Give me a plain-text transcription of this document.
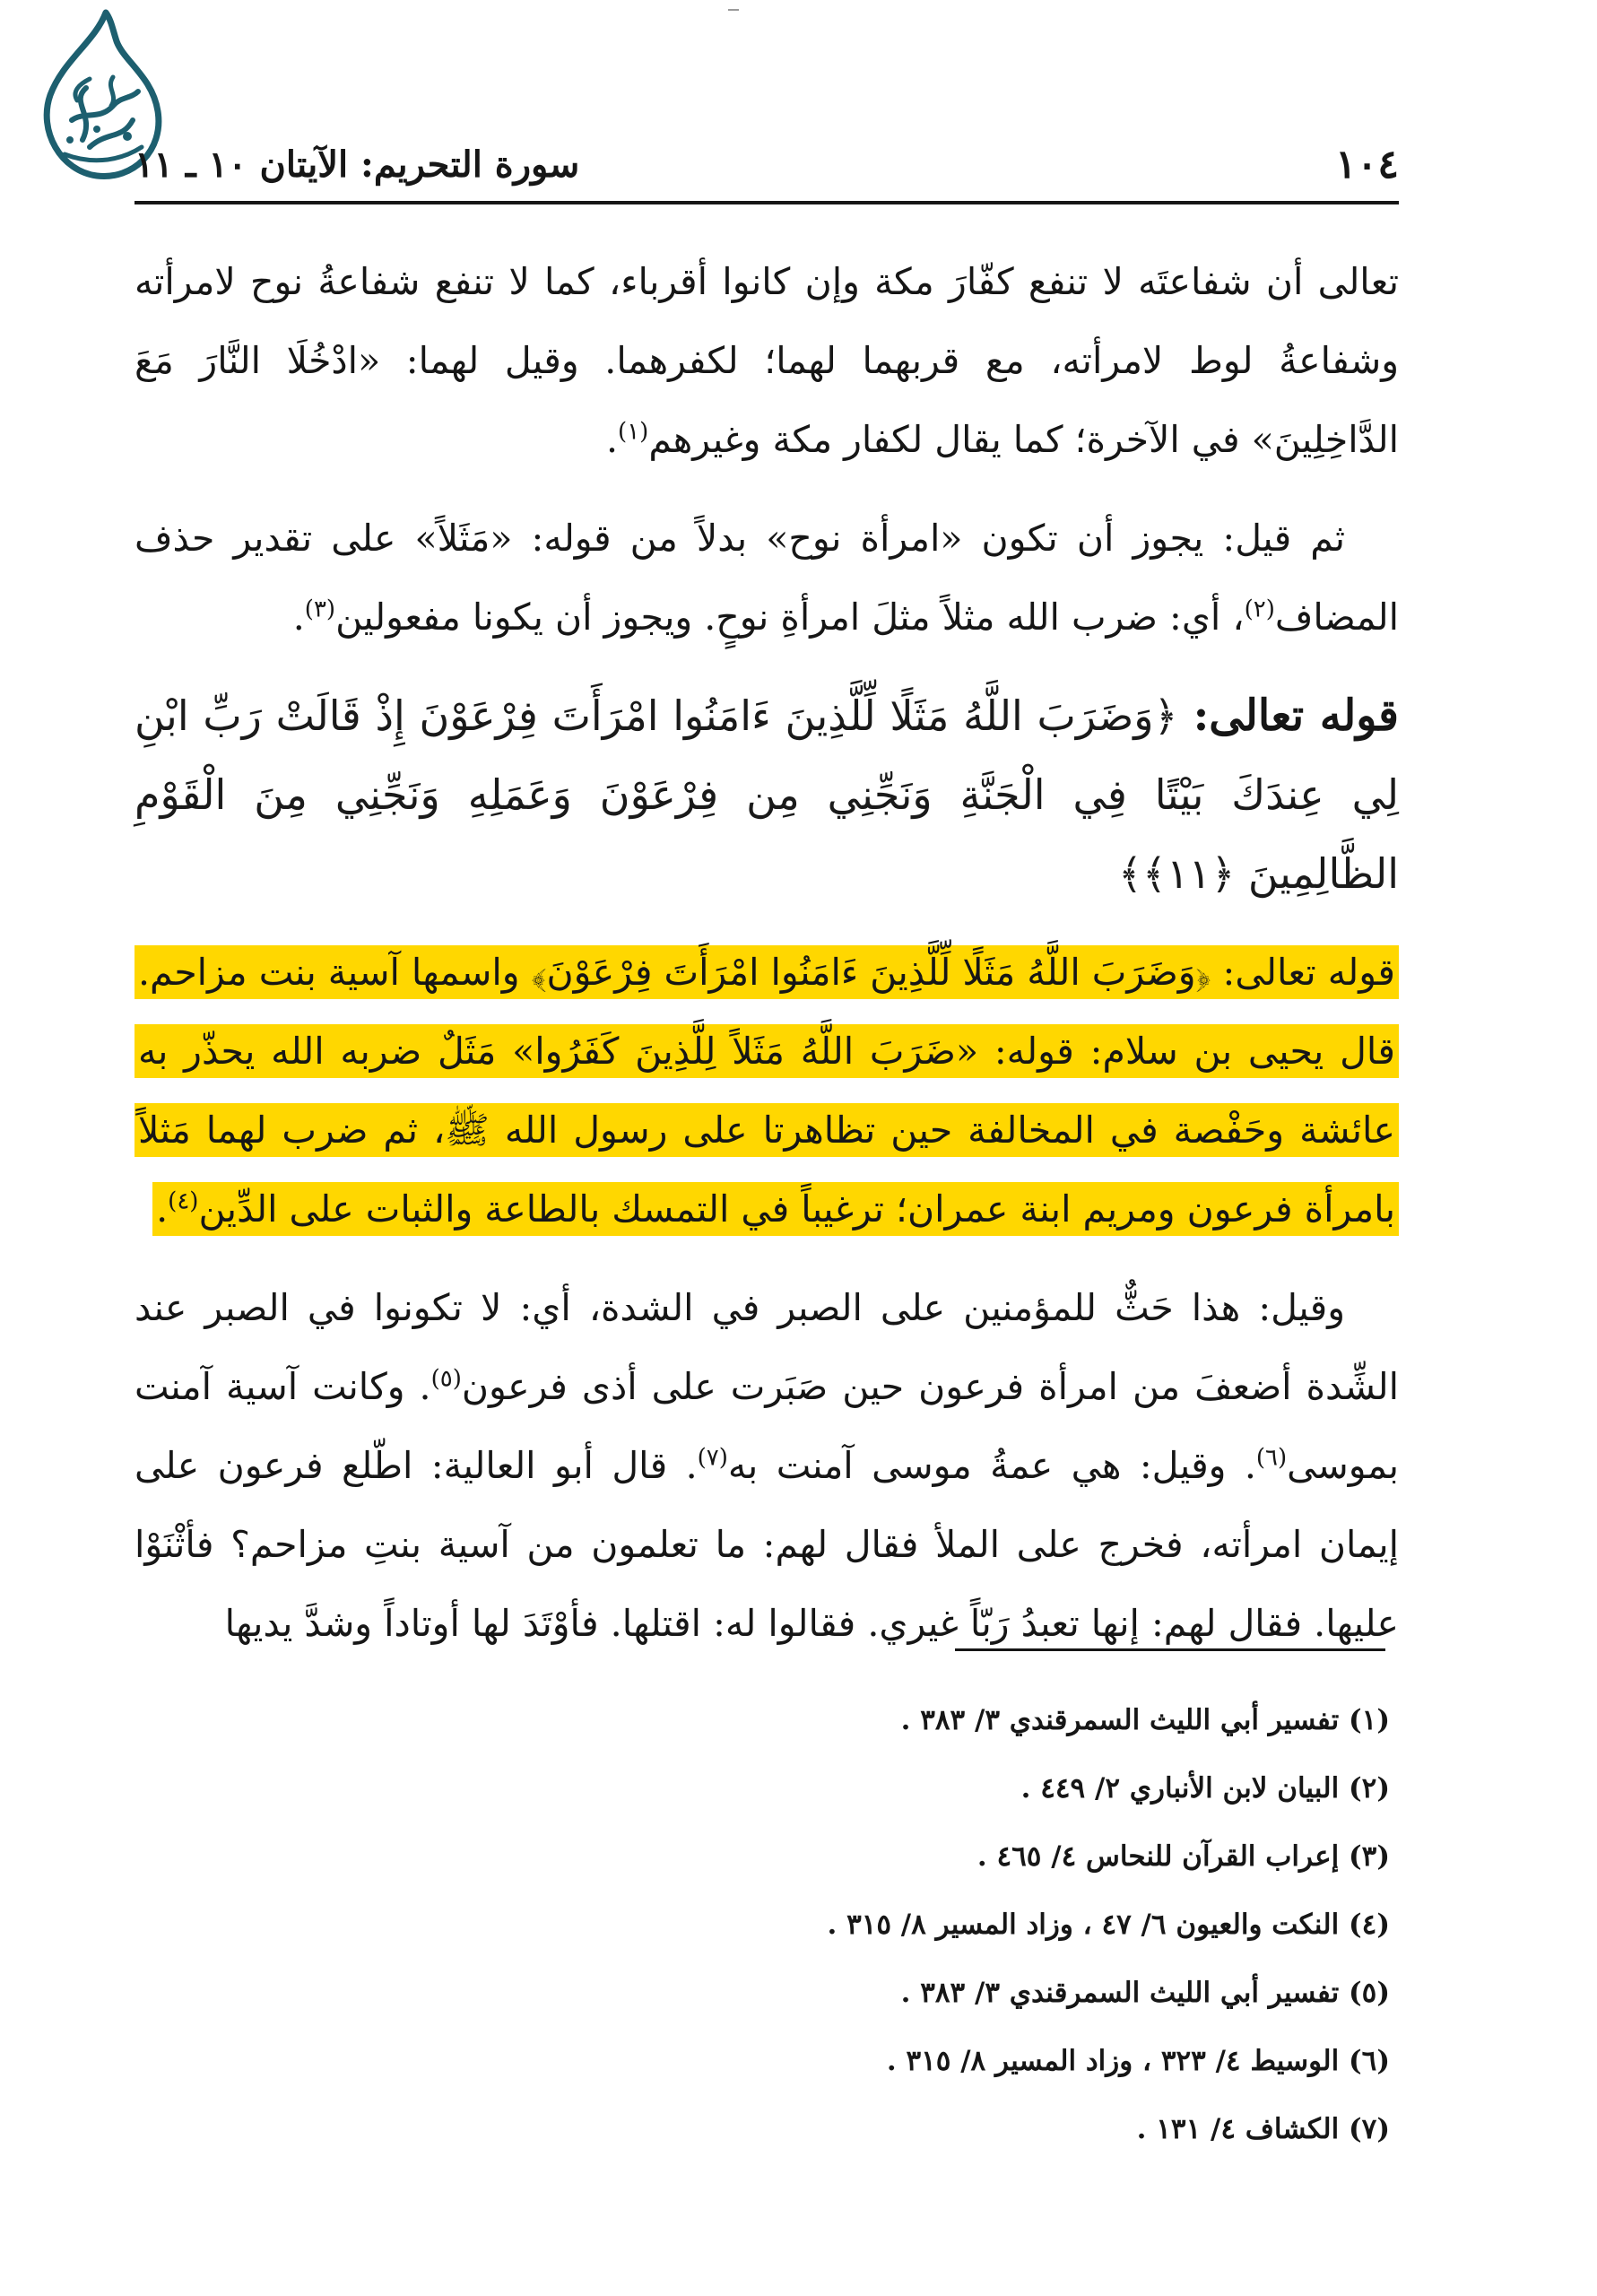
١٠٤
سورة التحريم: الآيتان ١٠ ـ ١١

تعالى أن شفاعتَه لا تنفع كفّارَ مكة وإن كانوا أقرباء، كما لا تنفع شفاعةُ نوح لامرأته وشفاعةُ لوط لامرأته، مع قربهما لهما؛ لكفرهما. وقيل لهما: «ادْخُلَا النَّارَ مَعَ الدَّاخِلِينَ» في الآخرة؛ كما يقال لكفار مكة وغيرهم$^{(١)}$.

ثم قيل: يجوز أن تكون «امرأة نوح» بدلاً من قوله: «مَثَلاً» على تقدير حذف المضاف$^{(٢)}$، أي: ضرب الله مثلاً مثلَ امرأةِ نوحٍ. ويجوز أن يكونا مفعولين$^{(٣)}$.

قوله تعالى: ﴿وَضَرَبَ اللَّهُ مَثَلًا لِّلَّذِينَ ءَامَنُوا امْرَأَتَ فِرْعَوْنَ إِذْ قَالَتْ رَبِّ ابْنِ لِي عِندَكَ بَيْتًا فِي الْجَنَّةِ وَنَجِّنِي مِن فِرْعَوْنَ وَعَمَلِهِ وَنَجِّنِي مِنَ الْقَوْمِ الظَّالِمِينَ ﴿١١﴾﴾

قوله تعالى: ﴿وَضَرَبَ اللَّهُ مَثَلًا لِّلَّذِينَ ءَامَنُوا امْرَأَتَ فِرْعَوْنَ﴾ واسمها آسية بنت مزاحم. قال يحيى بن سلام: قوله: «ضَرَبَ اللَّهُ مَثَلاً لِلَّذِينَ كَفَرُوا» مَثَلٌ ضربه الله يحذّر به عائشة وحَفْصة في المخالفة حين تظاهرتا على رسول الله ﷺ، ثم ضرب لهما مَثلاً بامرأة فرعون ومريم ابنة عمران؛ ترغيباً في التمسك بالطاعة والثبات على الدِّين$^{(٤)}$.

وقيل: هذا حَثٌّ للمؤمنين على الصبر في الشدة، أي: لا تكونوا في الصبر عند الشِّدة أضعفَ من امرأة فرعون حين صَبَرت على أذى فرعون$^{(٥)}$. وكانت آسية آمنت بموسى$^{(٦)}$. وقيل: هي عمةُ موسى آمنت به$^{(٧)}$. قال أبو العالية: اطّلع فرعون على إيمان امرأته، فخرج على الملأ فقال لهم: ما تعلمون من آسية بنتِ مزاحم؟ فأثْنَوْا عليها. فقال لهم: إنها تعبدُ رَبّاً غيري. فقالوا له: اقتلها. فأوْتَدَ لها أوتاداً وشدَّ يديها

(١) تفسير أبي الليث السمرقندي ٣/ ٣٨٣ .
(٢) البيان لابن الأنباري ٢/ ٤٤٩ .
(٣) إعراب القرآن للنحاس ٤/ ٤٦٥ .
(٤) النكت والعيون ٦/ ٤٧ ، وزاد المسير ٨/ ٣١٥ .
(٥) تفسير أبي الليث السمرقندي ٣/ ٣٨٣ .
(٦) الوسيط ٤/ ٣٢٣ ، وزاد المسير ٨/ ٣١٥ .
(٧) الكشاف ٤/ ١٣١ .
